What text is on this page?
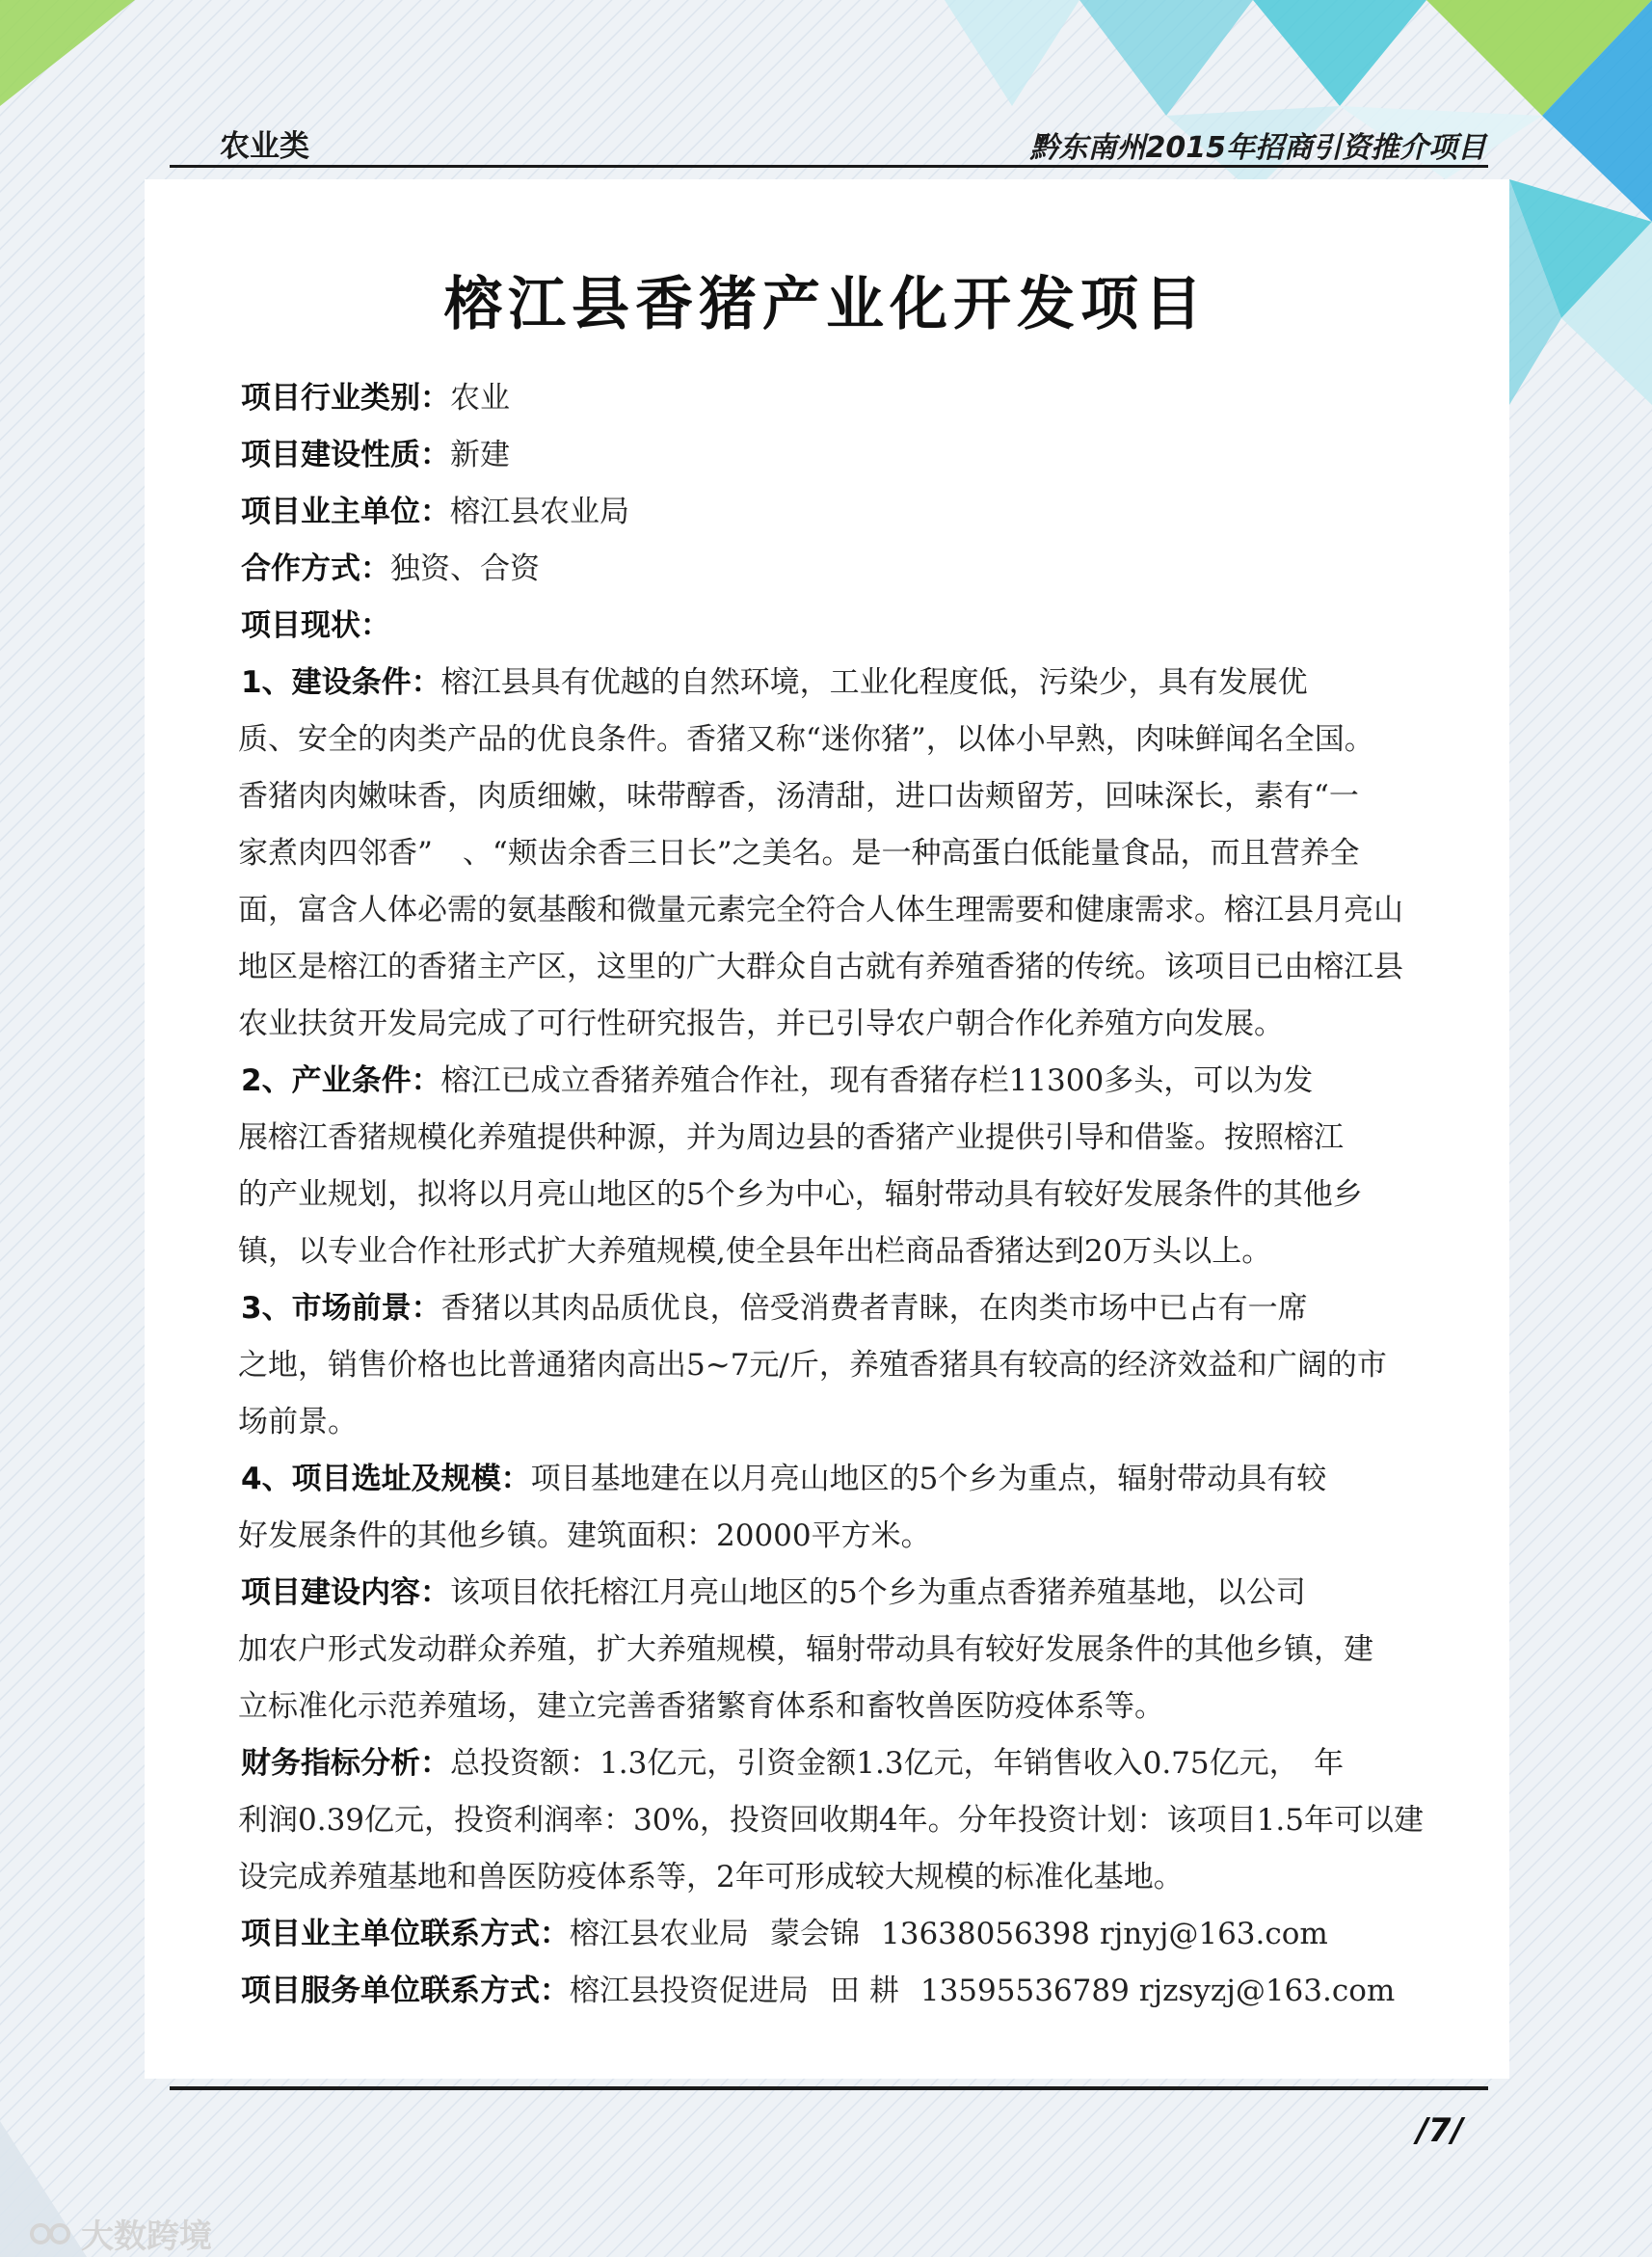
农业类	黔东南州2015年招商引资推介项目
榕江县香猪产业化开发项目
项目行业类别：农业
项目建设性质：新建
项目业主单位：榕江县农业局
合作方式：独资、合资
项目现状：
1、建设条件：榕江县具有优越的自然环境，工业化程度低，污染少，具有发展优
质、安全的肉类产品的优良条件。香猪又称“迷你猪”，以体小早熟，肉味鲜闻名全国。
香猪肉肉嫩味香，肉质细嫩，味带醇香，汤清甜，进口齿颊留芳，回味深长，素有“一
家煮肉四邻香”　、“颊齿余香三日长”之美名。是一种高蛋白低能量食品，而且营养全
面，富含人体必需的氨基酸和微量元素完全符合人体生理需要和健康需求。榕江县月亮山
地区是榕江的香猪主产区，这里的广大群众自古就有养殖香猪的传统。该项目已由榕江县
农业扶贫开发局完成了可行性研究报告，并已引导农户朝合作化养殖方向发展。
2、产业条件：榕江已成立香猪养殖合作社，现有香猪存栏11300多头，可以为发
展榕江香猪规模化养殖提供种源，并为周边县的香猪产业提供引导和借鉴。按照榕江
的产业规划，拟将以月亮山地区的5个乡为中心，辐射带动具有较好发展条件的其他乡
镇，以专业合作社形式扩大养殖规模,使全县年出栏商品香猪达到20万头以上。
3、市场前景：香猪以其肉品质优良，倍受消费者青睐，在肉类市场中已占有一席
之地，销售价格也比普通猪肉高出5~7元/斤，养殖香猪具有较高的经济效益和广阔的市
场前景。
4、项目选址及规模：项目基地建在以月亮山地区的5个乡为重点，辐射带动具有较
好发展条件的其他乡镇。建筑面积：20000平方米。
项目建设内容：该项目依托榕江月亮山地区的5个乡为重点香猪养殖基地，以公司
加农户形式发动群众养殖，扩大养殖规模，辐射带动具有较好发展条件的其他乡镇，建
立标准化示范养殖场，建立完善香猪繁育体系和畜牧兽医防疫体系等。
财务指标分析：总投资额：1.3亿元，引资金额1.3亿元，年销售收入0.75亿元，　年
利润0.39亿元，投资利润率：30%，投资回收期4年。分年投资计划：该项目1.5年可以建
设完成养殖基地和兽医防疫体系等，2年可形成较大规模的标准化基地。
项目业主单位联系方式：榕江县农业局 蒙会锦 13638056398 rjnyj@163.com
项目服务单位联系方式：榕江县投资促进局 田 耕 13595536789 rjzsyzj@163.com
/7/
大数跨境
